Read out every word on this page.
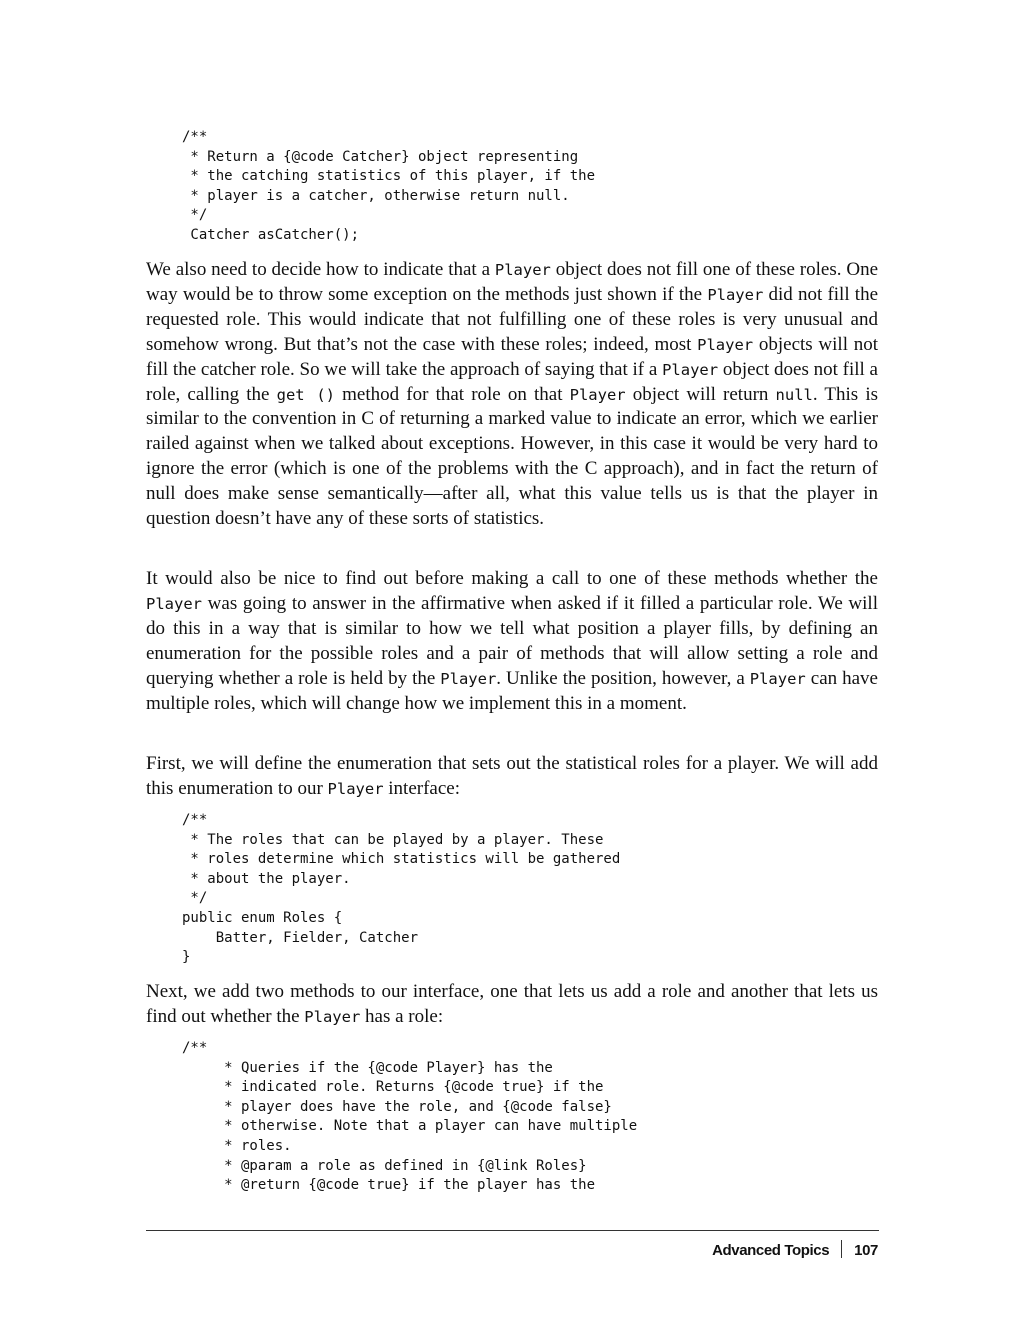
/**
* Return a {@code Catcher} object representing
* the catching statistics of this player, if the
* player is a catcher, otherwise return null.
*/
Catcher asCatcher();

We also need to decide how to indicate that a Player object does not fill one of these roles. One way would be to throw some exception on the methods just shown if the Player did not fill the requested role. This would indicate that not fulfilling one of these roles is very unusual and somehow wrong. But that’s not the case with these roles; indeed, most Player objects will not fill the catcher role. So we will take the approach of saying that if a Player object does not fill a role, calling the get () method for that role on that Player object will return null. This is similar to the convention in C of returning a marked value to indicate an error, which we earlier railed against when we talked about exceptions. However, in this case it would be very hard to ignore the error (which is one of the problems with the C approach), and in fact the return of null does make sense semantically—after all, what this value tells us is that the player in question doesn’t have any of these sorts of statistics.

It would also be nice to find out before making a call to one of these methods whether the Player was going to answer in the affirmative when asked if it filled a particular role. We will do this in a way that is similar to how we tell what position a player fills, by defining an enumeration for the possible roles and a pair of methods that will allow setting a role and querying whether a role is held by the Player. Unlike the position, however, a Player can have multiple roles, which will change how we implement this in a moment.

First, we will define the enumeration that sets out the statistical roles for a player. We will add this enumeration to our Player interface:

/**
* The roles that can be played by a player. These
* roles determine which statistics will be gathered
* about the player.
*/
public enum Roles {
Batter, Fielder, Catcher
}

Next, we add two methods to our interface, one that lets us add a role and another that lets us find out whether the Player has a role:

/**
* Queries if the {@code Player} has the
* indicated role. Returns {@code true} if the
* player does have the role, and {@code false}
* otherwise. Note that a player can have multiple
* roles.
* @param a role as defined in {@link Roles}
* @return {@code true} if the player has the
Advanced Topics 107
